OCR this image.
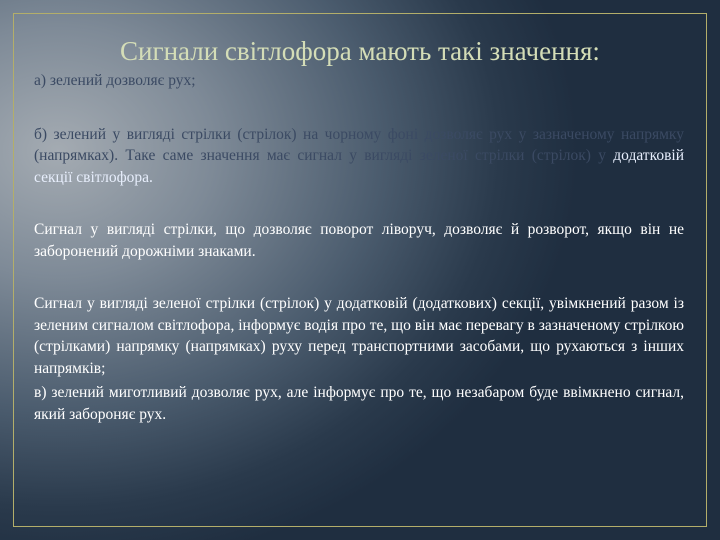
Сигнали світлофора мають такі значення:

а) зелений дозволяє рух;

б) зелений у вигляді стрілки (стрілок) на чорному фоні дозволяє рух у зазначеному напрямку (напрямках). Таке саме значення має сигнал у вигляді зеленої стрілки (стрілок) у додатковій секції світлофора.

Сигнал у вигляді стрілки, що дозволяє поворот ліворуч, дозволяє й розворот, якщо він не заборонений дорожніми знаками.

Сигнал у вигляді зеленої стрілки (стрілок) у додатковій (додаткових) секції, увімкнений разом із зеленим сигналом світлофора, інформує водія про те, що він має перевагу в зазначеному стрілкою (стрілками) напрямку (напрямках) руху перед транспортними засобами, що рухаються з інших напрямків;

в) зелений миготливий дозволяє рух, але інформує про те, що незабаром буде ввімкнено сигнал, який забороняє рух.
